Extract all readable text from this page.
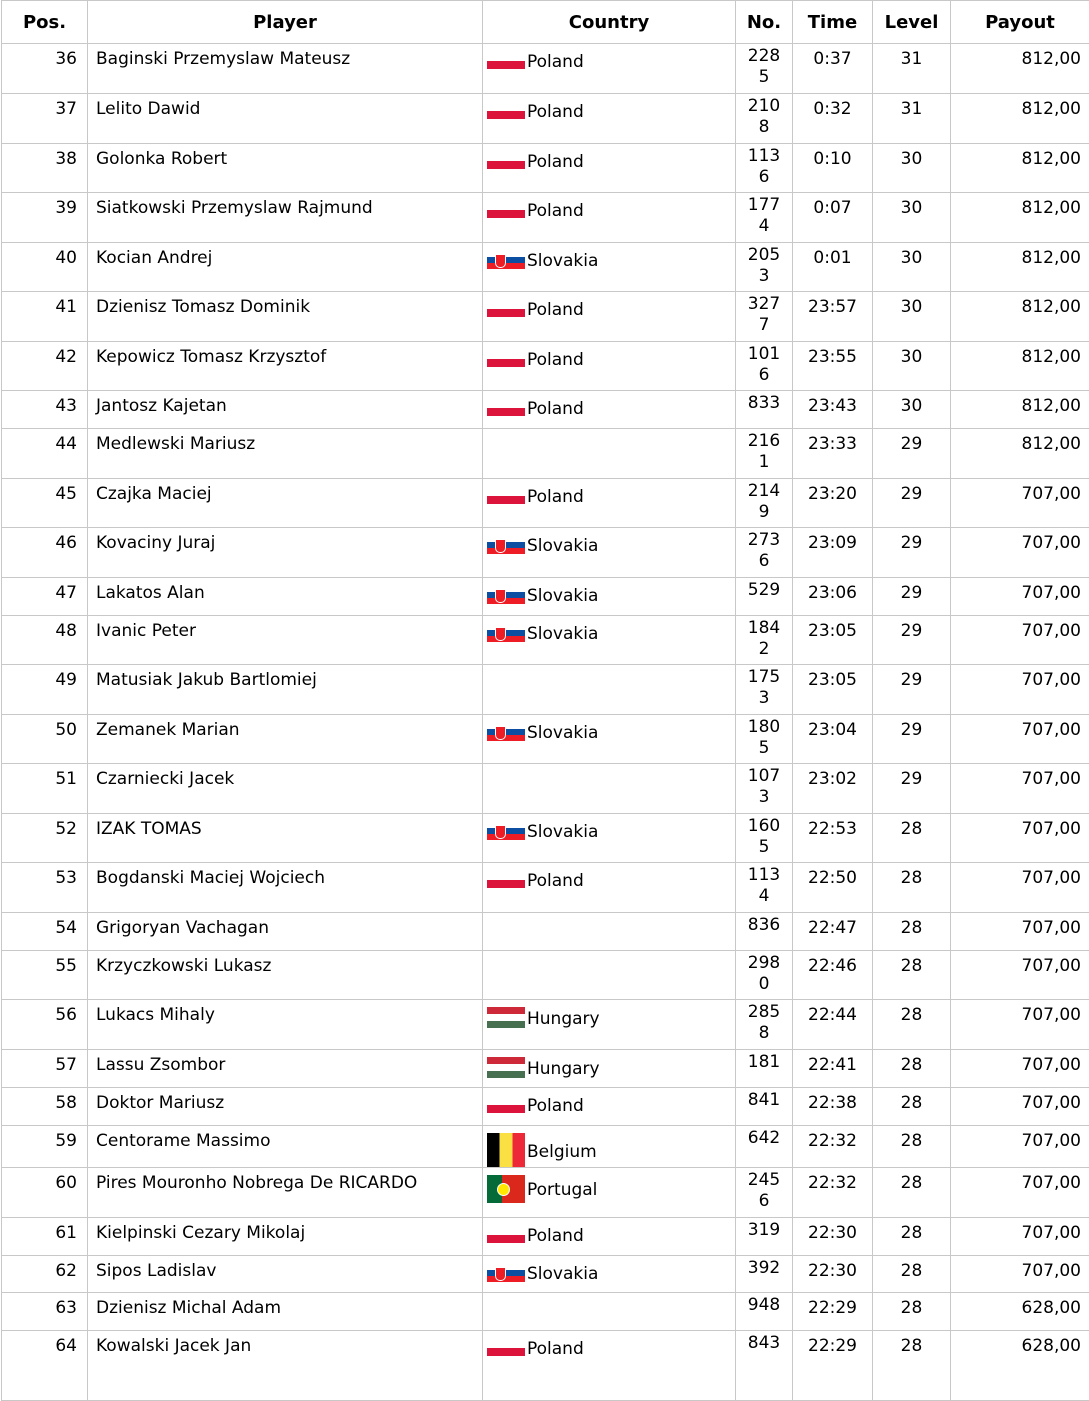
Pos.	Player	Country	No.	Time	Level	Payout
36	Baginski Przemyslaw Mateusz	Poland	2285	0:37	31	812,00
37	Lelito Dawid	Poland	2108	0:32	31	812,00
38	Golonka Robert	Poland	1136	0:10	30	812,00
39	Siatkowski Przemyslaw Rajmund	Poland	1774	0:07	30	812,00
40	Kocian Andrej	Slovakia	2053	0:01	30	812,00
41	Dzienisz Tomasz Dominik	Poland	3277	23:57	30	812,00
42	Kepowicz Tomasz Krzysztof	Poland	1016	23:55	30	812,00
43	Jantosz Kajetan	Poland	833	23:43	30	812,00
44	Medlewski Mariusz		2161	23:33	29	812,00
45	Czajka Maciej	Poland	2149	23:20	29	707,00
46	Kovaciny Juraj	Slovakia	2736	23:09	29	707,00
47	Lakatos Alan	Slovakia	529	23:06	29	707,00
48	Ivanic Peter	Slovakia	1842	23:05	29	707,00
49	Matusiak Jakub Bartlomiej		1753	23:05	29	707,00
50	Zemanek Marian	Slovakia	1805	23:04	29	707,00
51	Czarniecki Jacek		1073	23:02	29	707,00
52	IZAK TOMAS	Slovakia	1605	22:53	28	707,00
53	Bogdanski Maciej Wojciech	Poland	1134	22:50	28	707,00
54	Grigoryan Vachagan		836	22:47	28	707,00
55	Krzyczkowski Lukasz		2980	22:46	28	707,00
56	Lukacs Mihaly	Hungary	2858	22:44	28	707,00
57	Lassu Zsombor	Hungary	181	22:41	28	707,00
58	Doktor Mariusz	Poland	841	22:38	28	707,00
59	Centorame Massimo	Belgium	642	22:32	28	707,00
60	Pires Mouronho Nobrega De RICARDO	Portugal	2456	22:32	28	707,00
61	Kielpinski Cezary Mikolaj	Poland	319	22:30	28	707,00
62	Sipos Ladislav	Slovakia	392	22:30	28	707,00
63	Dzienisz Michal Adam		948	22:29	28	628,00
64	Kowalski Jacek Jan	Poland	843	22:29	28	628,00
